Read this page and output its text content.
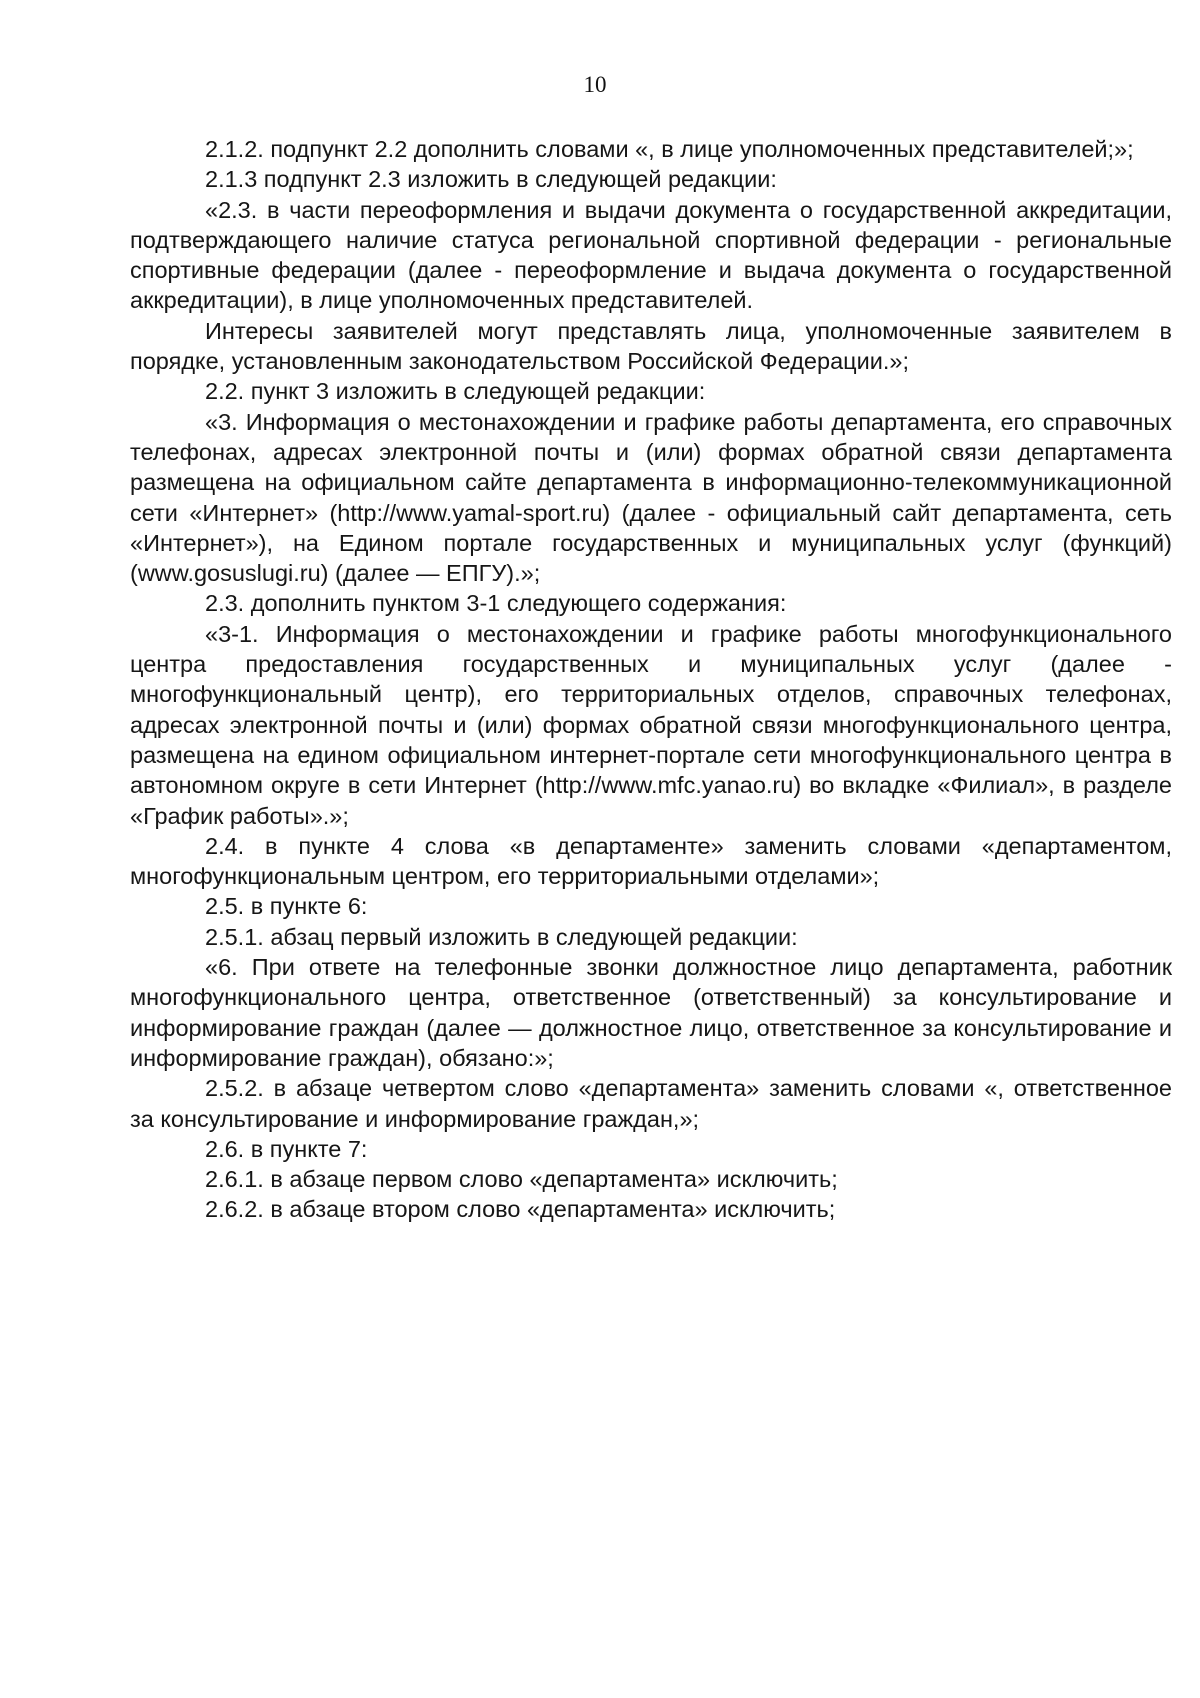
10

2.1.2. подпункт 2.2 дополнить словами «, в лице уполномоченных представителей;»;

2.1.3 подпункт 2.3 изложить в следующей редакции:

«2.3. в части переоформления и выдачи документа о государственной аккредитации, подтверждающего наличие статуса региональной спортивной федерации - региональные спортивные федерации (далее - переоформление и выдача документа о государственной аккредитации), в лице уполномоченных представителей.

Интересы заявителей могут представлять лица, уполномоченные заявителем в порядке, установленным законодательством Российской Федерации.»;

2.2. пункт 3 изложить в следующей редакции:

«3. Информация о местонахождении и графике работы департамента, его справочных телефонах, адресах электронной почты и (или) формах обратной связи департамента размещена на официальном сайте департамента в информационно-телекоммуникационной сети «Интернет» (http://www.yamal-sport.ru) (далее - официальный сайт департамента, сеть «Интернет»), на Едином портале государственных и муниципальных услуг (функций) (www.gosuslugi.ru) (далее — ЕПГУ).»;

2.3. дополнить пунктом 3-1 следующего содержания:

«3-1. Информация о местонахождении и графике работы многофункционального центра предоставления государственных и муниципальных услуг (далее - многофункциональный центр), его территориальных отделов, справочных телефонах, адресах электронной почты и (или) формах обратной связи многофункционального центра, размещена на едином официальном интернет-портале сети многофункционального центра в автономном округе в сети Интернет (http://www.mfc.yanao.ru) во вкладке «Филиал», в разделе «График работы».»;

2.4. в пункте 4 слова «в департаменте» заменить словами «департаментом, многофункциональным центром, его территориальными отделами»;

2.5. в пункте 6:

2.5.1. абзац первый изложить в следующей редакции:

«6. При ответе на телефонные звонки должностное лицо департамента, работник многофункционального центра, ответственное (ответственный) за консультирование и информирование граждан (далее — должностное лицо, ответственное за консультирование и информирование граждан), обязано:»;

2.5.2. в абзаце четвертом слово «департамента» заменить словами «, ответственное за консультирование и информирование граждан,»;

2.6. в пункте 7:

2.6.1. в абзаце первом слово «департамента» исключить;

2.6.2. в абзаце втором слово «департамента» исключить;
